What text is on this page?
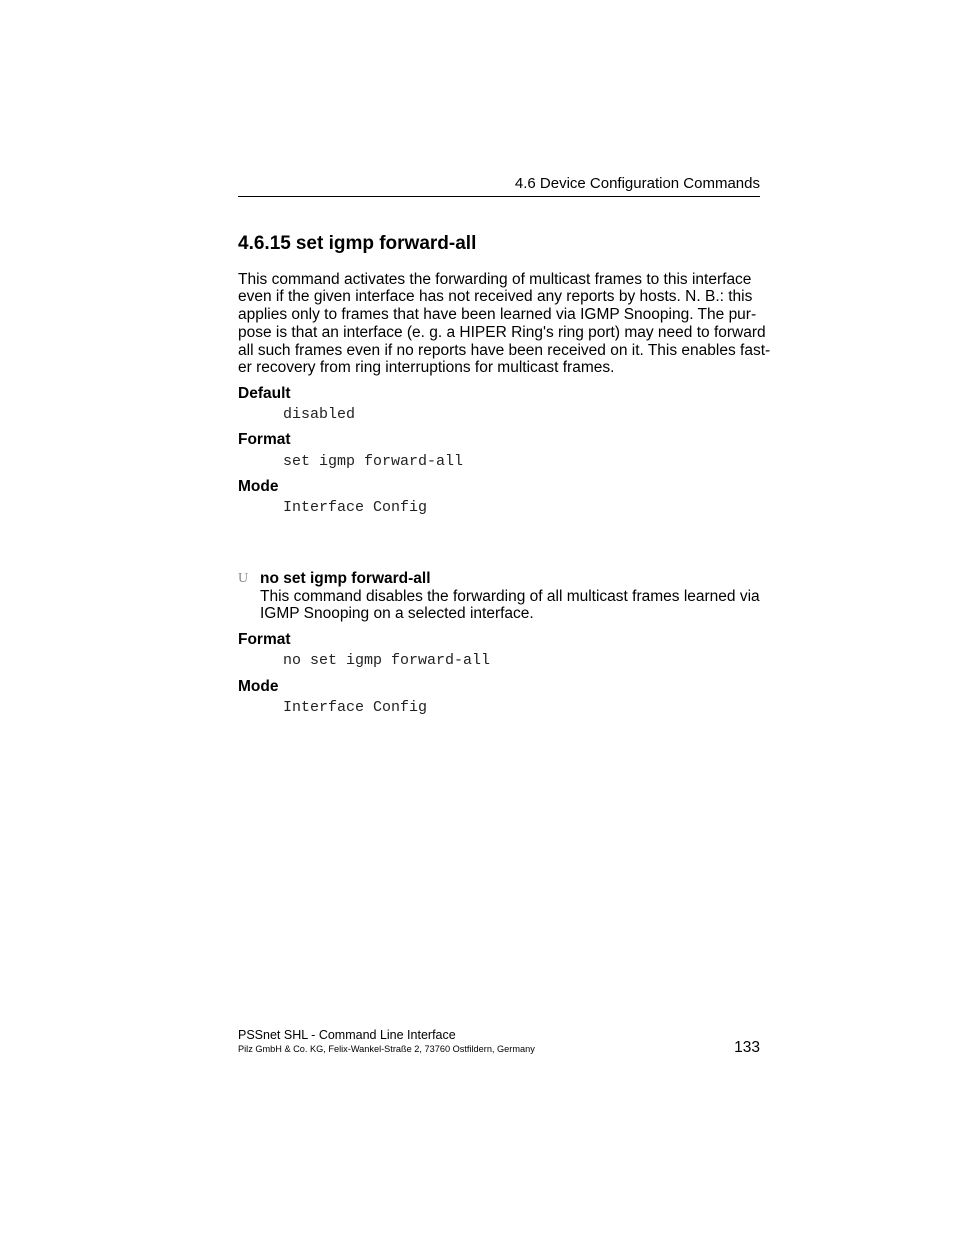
4.6 Device Configuration Commands
4.6.15 set igmp forward-all
This command activates the forwarding of multicast frames to this interface
even if the given interface has not received any reports by hosts. N. B.: this
applies only to frames that have been learned via IGMP Snooping. The pur-
pose is that an interface (e. g. a HIPER Ring's ring port) may need to forward
all such frames even if no reports have been received on it. This enables fast-
er recovery from ring interruptions for multicast frames.
Default
disabled
Format
set igmp forward-all
Mode
Interface Config
U no set igmp forward-all
This command disables the forwarding of all multicast frames learned via
IGMP Snooping on a selected interface.
Format
no set igmp forward-all
Mode
Interface Config
PSSnet SHL - Command Line Interface
Pilz GmbH & Co. KG, Felix-Wankel-Straße 2, 73760 Ostfildern, Germany	133
